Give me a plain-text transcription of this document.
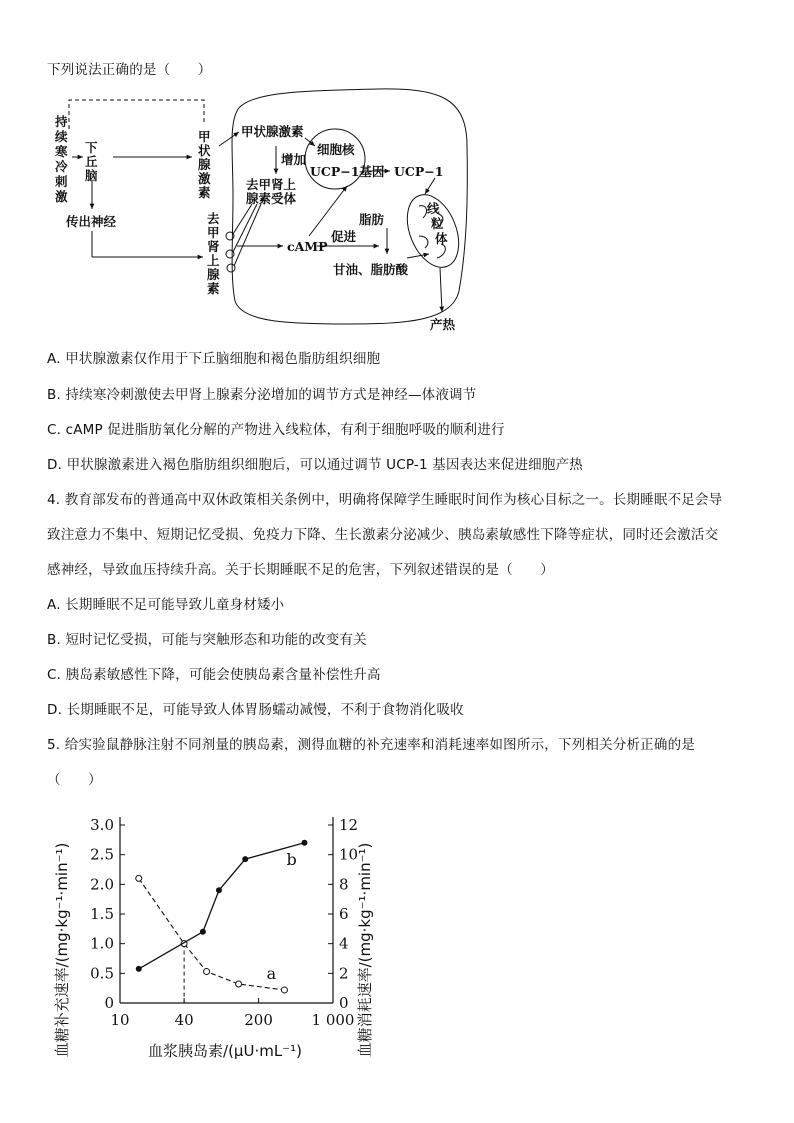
下列说法正确的是（　　）
持
续
寒
冷
刺
激
下
丘
脑
传出神经
甲
状
腺
激
素
去
甲
肾
上
腺
素
甲状腺激素
增加
去甲肾上
腺素受体
细胞核
UCP−1基因 UCP−1
线
粒
体
cAMP
促进
脂肪
甘油、脂肪酸
产热
A. 甲状腺激素仅作用于下丘脑细胞和褐色脂肪组织细胞
B. 持续寒冷刺激使去甲肾上腺素分泌增加的调节方式是神经—体液调节
C. cAMP 促进脂肪氧化分解的产物进入线粒体，有利于细胞呼吸的顺利进行
D. 甲状腺激素进入褐色脂肪组织细胞后，可以通过调节 UCP-1 基因表达来促进细胞产热
4. 教育部发布的普通高中双休政策相关条例中，明确将保障学生睡眠时间作为核心目标之一。长期睡眠不足会导
致注意力不集中、短期记忆受损、免疫力下降、生长激素分泌减少、胰岛素敏感性下降等症状，同时还会激活交
感神经，导致血压持续升高。关于长期睡眠不足的危害，下列叙述错误的是（　　）
A. 长期睡眠不足可能导致儿童身材矮小
B. 短时记忆受损，可能与突触形态和功能的改变有关
C. 胰岛素敏感性下降，可能会使胰岛素含量补偿性升高
D. 长期睡眠不足，可能导致人体胃肠蠕动减慢，不利于食物消化吸收
5. 给实验鼠静脉注射不同剂量的胰岛素，测得血糖的补充速率和消耗速率如图所示，下列相关分析正确的是
（　　）
0
0.5
1.0
1.5
2.0
2.5
3.0
0
2
4
6
8
10
12
10	40	200	1 000
a
b
血糖补充速率/(mg·kg⁻¹·min⁻¹)	血糖消耗速率/(mg·kg⁻¹·min⁻¹)
血浆胰岛素/(μU·mL⁻¹)
